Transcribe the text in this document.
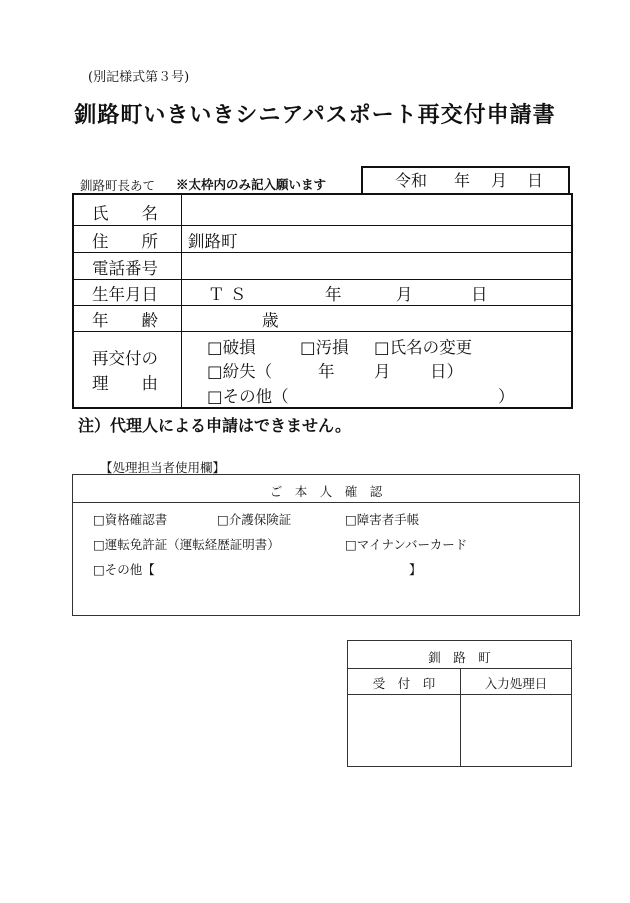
(別記様式第３号)
釧路町いきいきシニアパスポート再交付申請書
釧路町長あて ※太枠内のみ記入願います	令和 年 月 日
氏　　名
住　　所 釧路町
電話番号
生年月日	Ｔ Ｓ	年	月	日
年　　齢	歳
再交付の
理　　由
□破損	□汚損 □氏名の変更
□紛失（	年 月 日）
□その他（	）
注）代理人による申請はできません。
【処理担当者使用欄】
ご　本　人　確　認
□資格確認書	□介護保険証	□障害者手帳
□運転免許証（運転経歴証明書）	□マイナンバーカード
□その他【	】
釧　路　町
受　付　印	入力処理日
